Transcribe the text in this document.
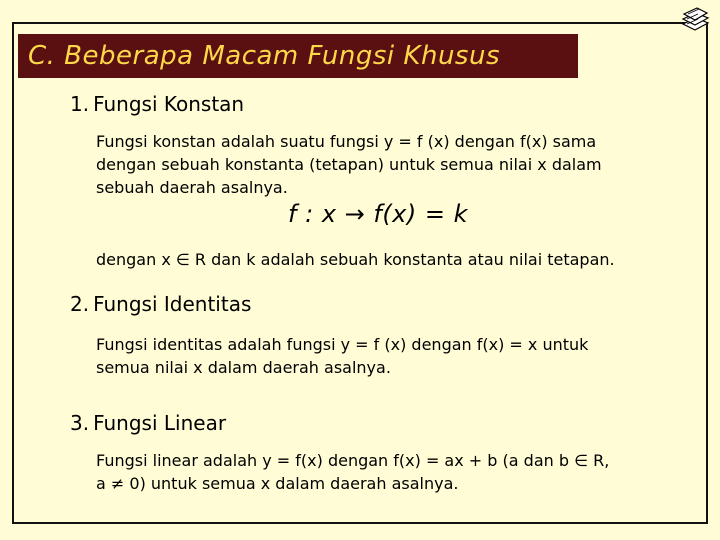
C. Beberapa Macam Fungsi Khusus
1. Fungsi Konstan
Fungsi konstan adalah suatu fungsi y = f (x) dengan f(x) sama
dengan sebuah konstanta (tetapan) untuk semua nilai x dalam
sebuah daerah asalnya.
f : x → f(x) = k
dengan x ∈ R dan k adalah sebuah konstanta atau nilai tetapan.
2. Fungsi Identitas
Fungsi identitas adalah fungsi y = f (x) dengan f(x) = x untuk
semua nilai x dalam daerah asalnya.
3. Fungsi Linear
Fungsi linear adalah y = f(x) dengan f(x) = ax + b (a dan b ∈ R,
a ≠ 0) untuk semua x dalam daerah asalnya.
